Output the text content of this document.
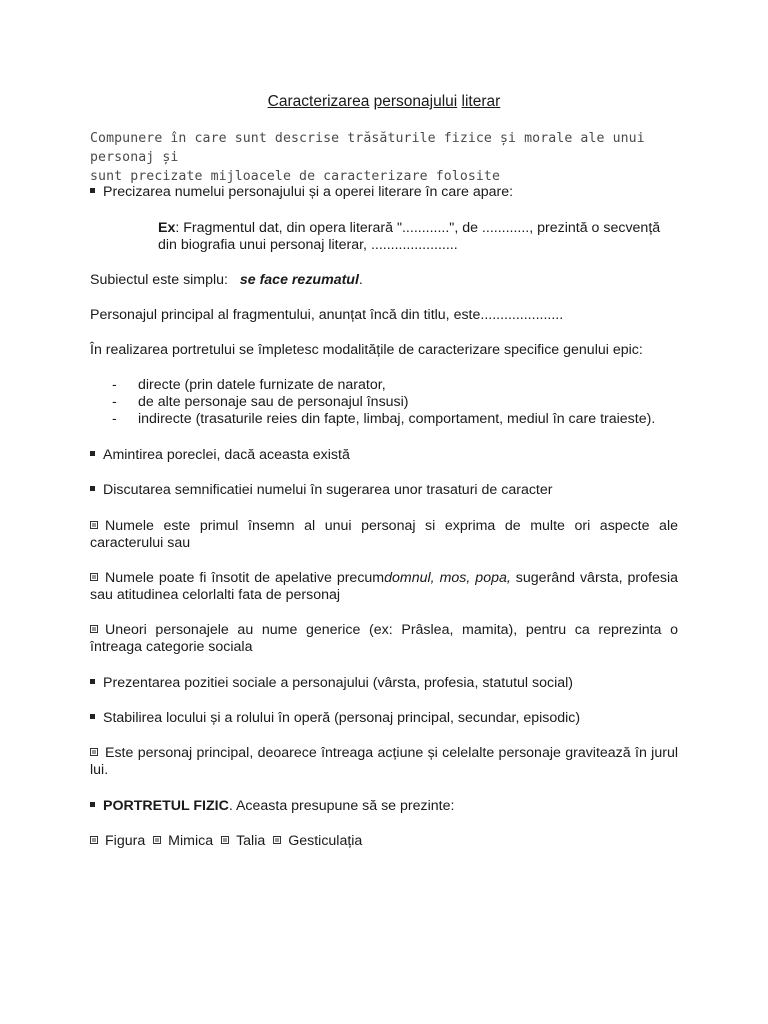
Caracterizarea personajului literar
Compunere în care sunt descrise trăsăturile fizice și morale ale unui personaj și
sunt precizate mijloacele de caracterizare folosite
Precizarea numelui personajului și a operei literare în care apare:
Ex: Fragmentul dat, din opera literară "............", de ............, prezintă o secvență
din biografia unui personaj literar, ......................
Subiectul este simplu: se face rezumatul.
Personajul principal al fragmentului, anunțat încă din titlu, este.....................
În realizarea portretului se împletesc modalitățile de caracterizare specifice genului epic:
- directe (prin datele furnizate de narator,
- de alte personaje sau de personajul însusi)
- indirecte (trasaturile reies din fapte, limbaj, comportament, mediul în care traieste).
Amintirea poreclei, dacă aceasta există
Discutarea semnificatiei numelui în sugerarea unor trasaturi de caracter
Numele este primul însemn al unui personaj si exprima de multe ori aspecte ale caracterului sau
Numele poate fi însotit de apelative precumdomnul, mos, popa, sugerând vârsta, profesia sau atitudinea celorlalti fata de personaj
Uneori personajele au nume generice (ex: Prâslea, mamita), pentru ca reprezinta o întreaga categorie sociala
Prezentarea pozitiei sociale a personajului (vârsta, profesia, statutul social)
Stabilirea locului și a rolului în operă (personaj principal, secundar, episodic)
Este personaj principal, deoarece întreaga acțiune și celelalte personaje gravitează în jurul lui.
PORTRETUL FIZIC. Aceasta presupune să se prezinte:
Figura Mimica Talia Gesticulația
